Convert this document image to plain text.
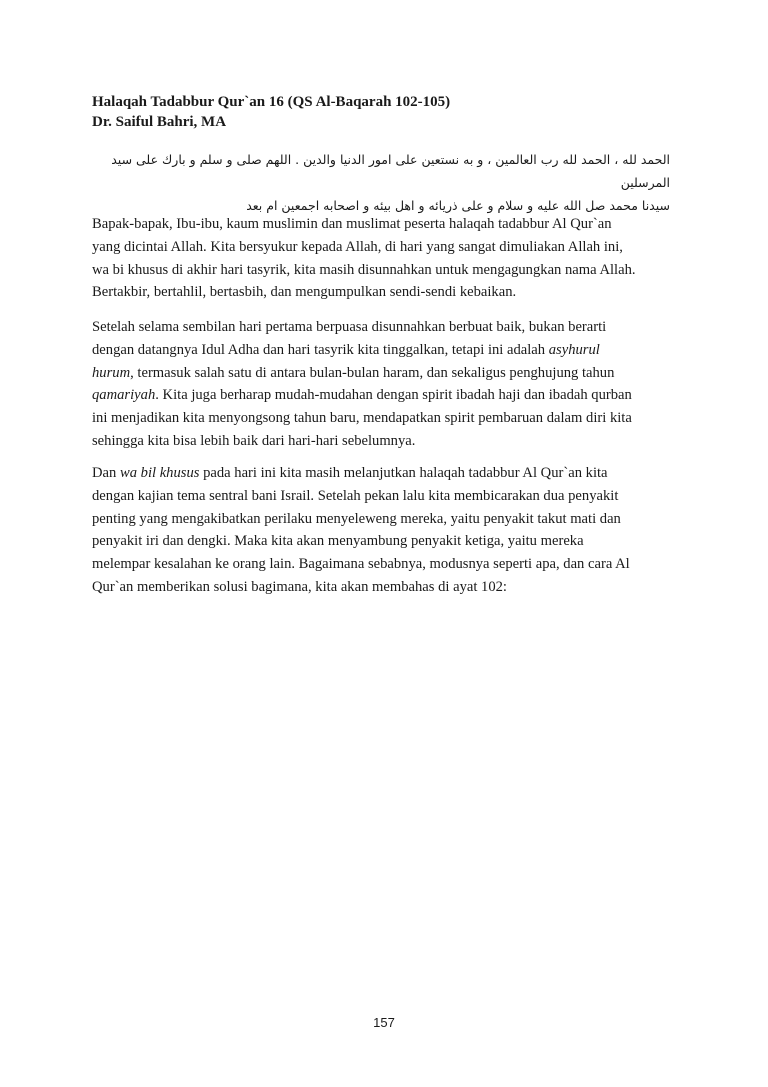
Halaqah Tadabbur Qur`an 16 (QS Al-Baqarah 102-105)
Dr. Saiful Bahri, MA
الحمد لله ، الحمد لله رب العالمين ، و به نستعين على امور الدنيا والدين . اللهم صلى و سلم و بارك على سيد المرسلين
سيدنا محمد صل الله عليه و سلام و على ذريائه و اهل بيئه و اصحابه اجمعين ام بعد

Bapak-bapak, Ibu-ibu, kaum muslimin dan muslimat peserta halaqah tadabbur Al Qur`an
yang dicintai Allah. Kita bersyukur kepada Allah, di hari yang sangat dimuliakan Allah ini,
wa bi khusus di akhir hari tasyrik, kita masih disunnahkan untuk mengagungkan nama Allah.
Bertakbir, bertahlil, bertasbih, dan mengumpulkan sendi-sendi kebaikan.

Setelah selama sembilan hari pertama berpuasa disunnahkan berbuat baik, bukan berarti
dengan datangnya Idul Adha dan hari tasyrik kita tinggalkan, tetapi ini adalah asyhurul
hurum, termasuk salah satu di antara bulan-bulan haram, dan sekaligus penghujung tahun
qamariyah. Kita juga berharap mudah-mudahan dengan spirit ibadah haji dan ibadah qurban
ini menjadikan kita menyongsong tahun baru, mendapatkan spirit pembaruan dalam diri kita
sehingga kita bisa lebih baik dari hari-hari sebelumnya.

Dan wa bil khusus pada hari ini kita masih melanjutkan halaqah tadabbur Al Qur`an kita
dengan kajian tema sentral bani Israil. Setelah pekan lalu kita membicarakan dua penyakit
penting yang mengakibatkan perilaku menyeleweng mereka, yaitu penyakit takut mati dan
penyakit iri dan dengki. Maka kita akan menyambung penyakit ketiga, yaitu mereka
melempar kesalahan ke orang lain. Bagaimana sebabnya, modusnya seperti apa, dan cara Al
Qur`an memberikan solusi bagimana, kita akan membahas di ayat 102:

157
